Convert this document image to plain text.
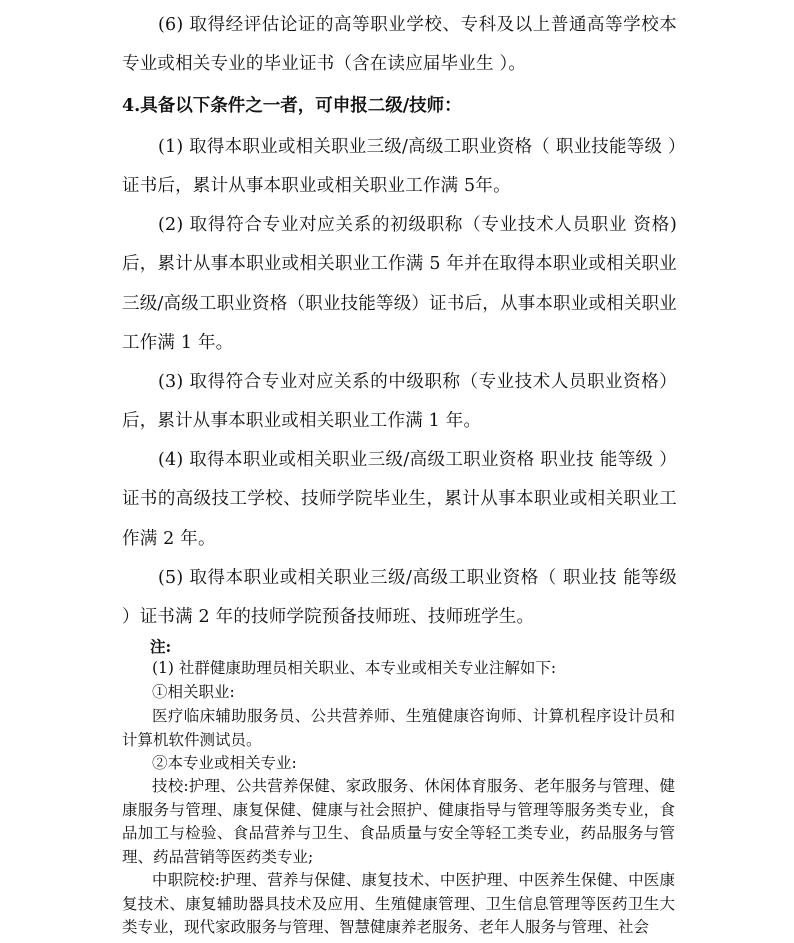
(6) 取得经评估论证的高等职业学校、专科及以上普通高等学校本专业或相关专业的毕业证书（含在读应届毕业生 ）。

4.具备以下条件之一者，可申报二级/技师：

(1) 取得本职业或相关职业三级/高级工职业资格（ 职业技能等级 ）证书后，累计从事本职业或相关职业工作满 5年。

(2) 取得符合专业对应关系的初级职称（专业技术人员职业 资格)后，累计从事本职业或相关职业工作满 5 年并在取得本职业或相关职业三级/高级工职业资格（职业技能等级）证书后，从事本职业或相关职业工作满 1 年。

(3) 取得符合专业对应关系的中级职称（专业技术人员职业资格）后，累计从事本职业或相关职业工作满 1 年。

(4) 取得本职业或相关职业三级/高级工职业资格 职业技 能等级 ）证书的高级技工学校、技师学院毕业生，累计从事本职业或相关职业工作满 2 年。

(5) 取得本职业或相关职业三级/高级工职业资格（ 职业技 能等级 ）证书满 2 年的技师学院预备技师班、技师班学生。

注:

(1) 社群健康助理员相关职业、本专业或相关专业注解如下:

①相关职业:

医疗临床辅助服务员、公共营养师、生殖健康咨询师、计算机程序设计员和计算机软件测试员。

②本专业或相关专业:

技校:护理、公共营养保健、家政服务、休闲体育服务、老年服务与管理、健康服务与管理、康复保健、健康与社会照护、健康指导与管理等服务类专业，食品加工与检验、食品营养与卫生、食品质量与安全等轻工类专业，药品服务与管理、药品营销等医药类专业;

中职院校:护理、营养与保健、康复技术、中医护理、中医养生保健、中医康复技术、康复辅助器具技术及应用、生殖健康管理、卫生信息管理等医药卫生大类专业，现代家政服务与管理、智慧健康养老服务、老年人服务与管理、社会
